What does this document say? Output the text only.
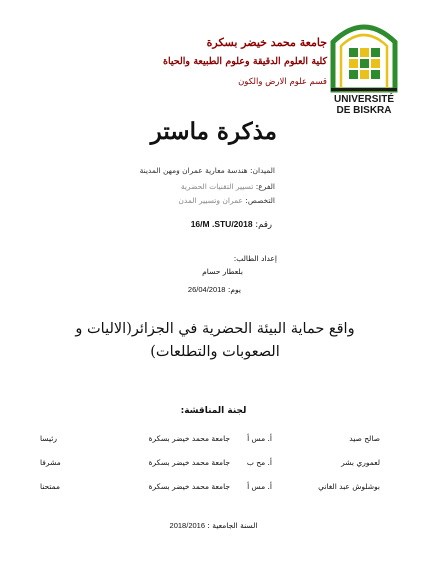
UNIVERSITÉ
DE BISKRA
جامعة محمد خيضر بسكرة
كلية العلوم الدقيقة وعلوم الطبيعة والحياة
قسم علوم الارض والكون
مذكرة ماستر
الميدان: هندسة معارية عمران ومهن المدينة
الفرع: تسيير التقنيات الحضرية
التخصص: عمران وتسيير المدن
رقم: 16/M .STU/2018
إعداد الطالب:
بلعطار حسام
يوم: 26/04/2018
واقع حماية البيئة الحضرية في الجزائر(الاليات و
الصعوبات والتطلعات)
لجنة المناقشة:
صالح صيد
أ. مس أ
جامعة محمد خيضر بسكرة
رئيسا
لعموري بشر
أ. مح ب
جامعة محمد خيضر بسكرة
مشرفا
بوشلوش عبد الغاني
أ. مس أ
جامعة محمد خيضر بسكرة
ممتحنا
السنة الجامعية : 2018/2016
